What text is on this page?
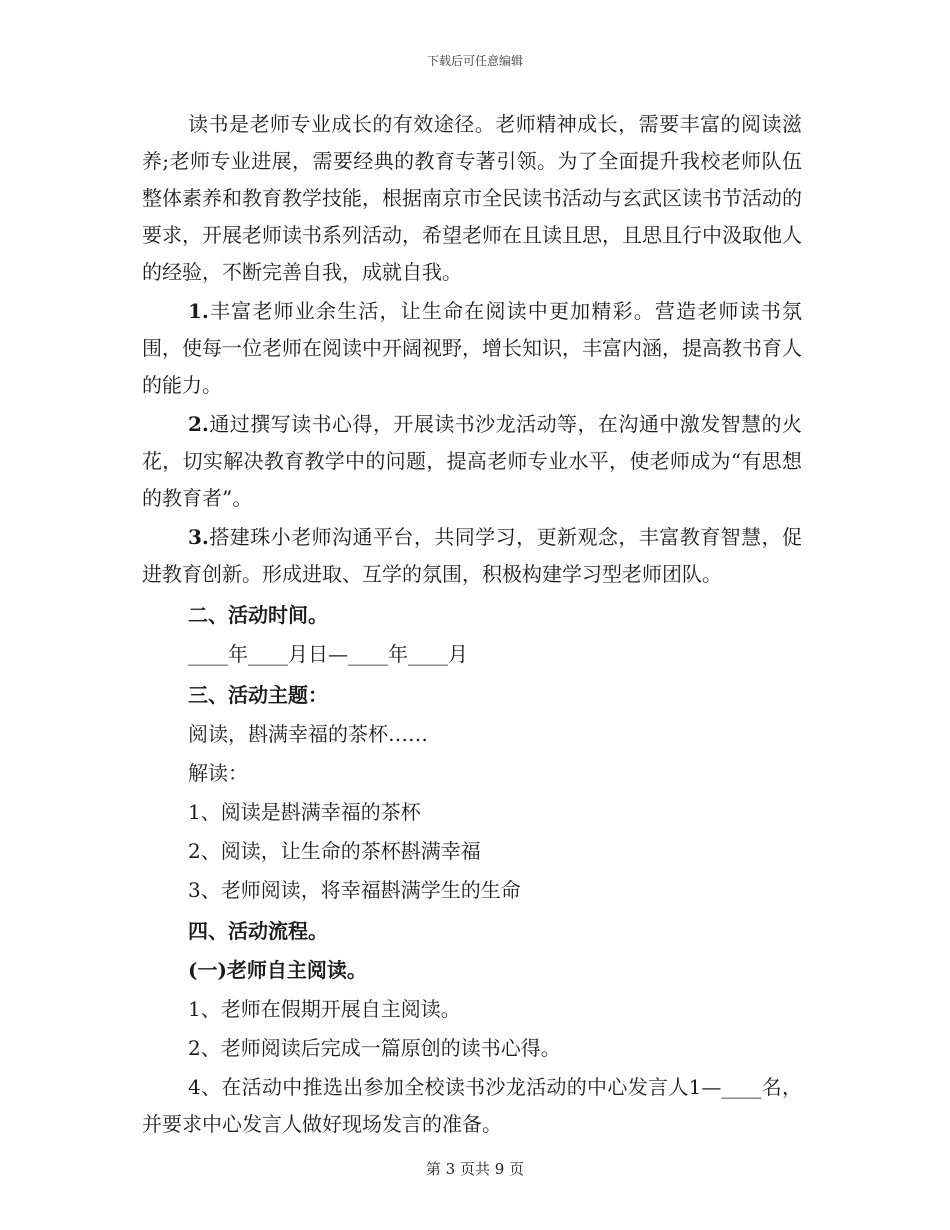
下载后可任意编辑

读书是老师专业成长的有效途径。老师精神成长，需要丰富的阅读滋养;老师专业进展，需要经典的教育专著引领。为了全面提升我校老师队伍整体素养和教育教学技能，根据南京市全民读书活动与玄武区读书节活动的要求，开展老师读书系列活动，希望老师在且读且思，且思且行中汲取他人的经验，不断完善自我，成就自我。

1.丰富老师业余生活，让生命在阅读中更加精彩。营造老师读书氛围，使每一位老师在阅读中开阔视野，增长知识，丰富内涵，提高教书育人的能力。

2.通过撰写读书心得，开展读书沙龙活动等，在沟通中激发智慧的火花，切实解决教育教学中的问题，提高老师专业水平，使老师成为“有思想的教育者”。

3.搭建珠小老师沟通平台，共同学习，更新观念，丰富教育智慧，促进教育创新。形成进取、互学的氛围，积极构建学习型老师团队。

二、活动时间。

____年____月日—____年____月

三、活动主题：

阅读，斟满幸福的茶杯……

解读：

1、阅读是斟满幸福的茶杯

2、阅读，让生命的茶杯斟满幸福

3、老师阅读，将幸福斟满学生的生命

四、活动流程。

(一)老师自主阅读。

1、老师在假期开展自主阅读。

2、老师阅读后完成一篇原创的读书心得。

4、在活动中推选出参加全校读书沙龙活动的中心发言人1—____名，并要求中心发言人做好现场发言的准备。

第 3 页共 9 页
